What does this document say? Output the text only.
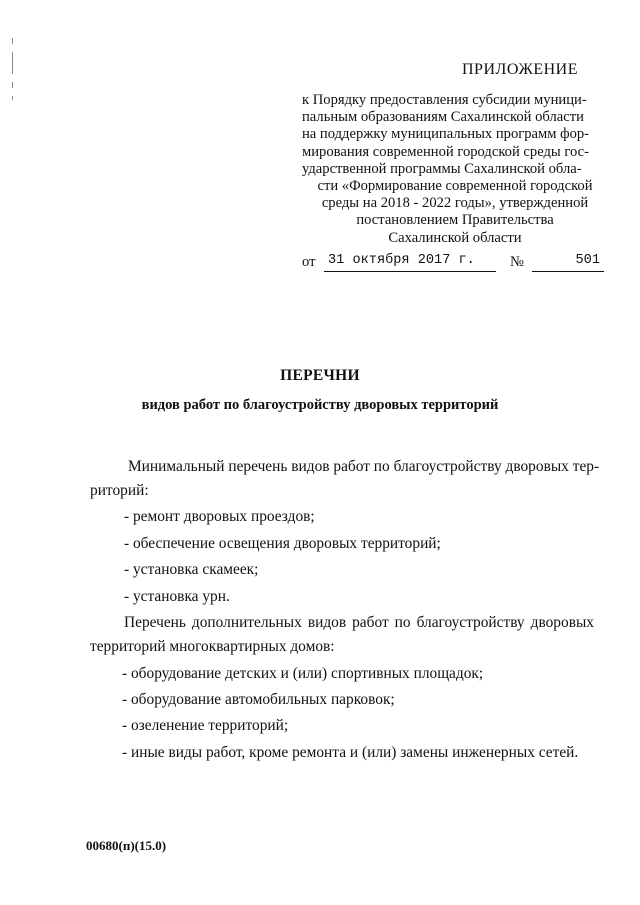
ПРИЛОЖЕНИЕ
к Порядку предоставления субсидии муници-
пальным образованиям Сахалинской области
на поддержку муниципальных программ фор-
мирования современной городской среды гос-
ударственной программы Сахалинской обла-
сти «Формирование современной городской
среды на 2018 - 2022 годы», утвержденной
постановлением Правительства
Сахалинской области
от 31 октября 2017 г.	№	501
ПЕРЕЧНИ
видов работ по благоустройству дворовых территорий
Минимальный перечень видов работ по благоустройству дворовых тер-
риторий:
- ремонт дворовых проездов;
- обеспечение освещения дворовых территорий;
- установка скамеек;
- установка урн.
Перечень дополнительных видов работ по благоустройству дворовых
территорий многоквартирных домов:
- оборудование детских и (или) спортивных площадок;
- оборудование автомобильных парковок;
- озеленение территорий;
- иные виды работ, кроме ремонта и (или) замены инженерных сетей.
00680(п)(15.0)
